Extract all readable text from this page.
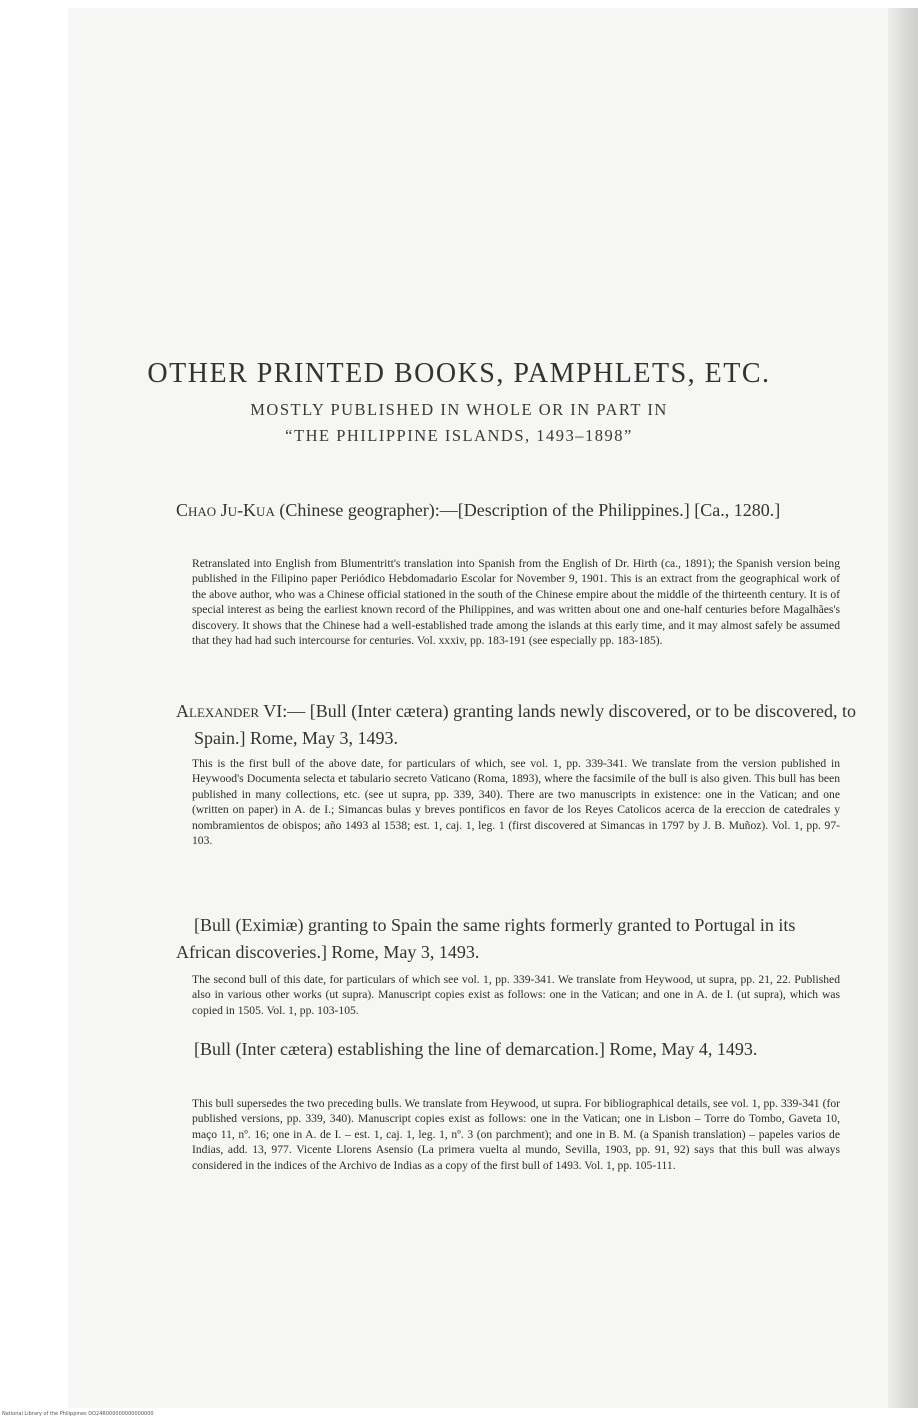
OTHER PRINTED BOOKS, PAMPHLETS, ETC.
MOSTLY PUBLISHED IN WHOLE OR IN PART IN
“THE PHILIPPINE ISLANDS, 1493–1898”
Chao Ju-Kua (Chinese geographer):—[Description of the Philippines.] [Ca., 1280.]
Retranslated into English from Blumentritt's translation into Spanish from the English of Dr. Hirth (ca., 1891); the Spanish version being published in the Filipino paper Periódico Hebdomadario Escolar for November 9, 1901. This is an extract from the geographical work of the above author, who was a Chinese official stationed in the south of the Chinese empire about the middle of the thirteenth century. It is of special interest as being the earliest known record of the Philippines, and was written about one and one-half centuries before Magalhães's discovery. It shows that the Chinese had a well-established trade among the islands at this early time, and it may almost safely be assumed that they had had such intercourse for centuries. Vol. xxxiv, pp. 183-191 (see especially pp. 183-185).
Alexander VI:— [Bull (Inter cætera) granting lands newly discovered, or to be discovered, to Spain.] Rome, May 3, 1493.
This is the first bull of the above date, for particulars of which, see vol. 1, pp. 339-341. We translate from the version published in Heywood's Documenta selecta et tabulario secreto Vaticano (Roma, 1893), where the facsimile of the bull is also given. This bull has been published in many collections, etc. (see ut supra, pp. 339, 340). There are two manuscripts in existence: one in the Vatican; and one (written on paper) in A. de I.; Simancas bulas y breves pontificos en favor de los Reyes Catolicos acerca de la ereccion de catedrales y nombramientos de obispos; año 1493 al 1538; est. 1, caj. 1, leg. 1 (first discovered at Simancas in 1797 by J. B. Muñoz). Vol. 1, pp. 97-103.
[Bull (Eximiæ) granting to Spain the same rights formerly granted to Portugal in its African discoveries.] Rome, May 3, 1493.
The second bull of this date, for particulars of which see vol. 1, pp. 339-341. We translate from Heywood, ut supra, pp. 21, 22. Published also in various other works (ut supra). Manuscript copies exist as follows: one in the Vatican; and one in A. de I. (ut supra), which was copied in 1505. Vol. 1, pp. 103-105.
[Bull (Inter cætera) establishing the line of demarcation.] Rome, May 4, 1493.
This bull supersedes the two preceding bulls. We translate from Heywood, ut supra. For bibliographical details, see vol. 1, pp. 339-341 (for published versions, pp. 339, 340). Manuscript copies exist as follows: one in the Vatican; one in Lisbon – Torre do Tombo, Gaveta 10, maço 11, nº. 16; one in A. de I. – est. 1, caj. 1, leg. 1, nº. 3 (on parchment); and one in B. M. (a Spanish translation) – papeles varios de Indias, add. 13, 977. Vicente Llorens Asensio (La primera vuelta al mundo, Sevilla, 1903, pp. 91, 92) says that this bull was always considered in the indices of the Archivo de Indias as a copy of the first bull of 1493. Vol. 1, pp. 105-111.
National Library of the Philippines DO24R000000000000000
